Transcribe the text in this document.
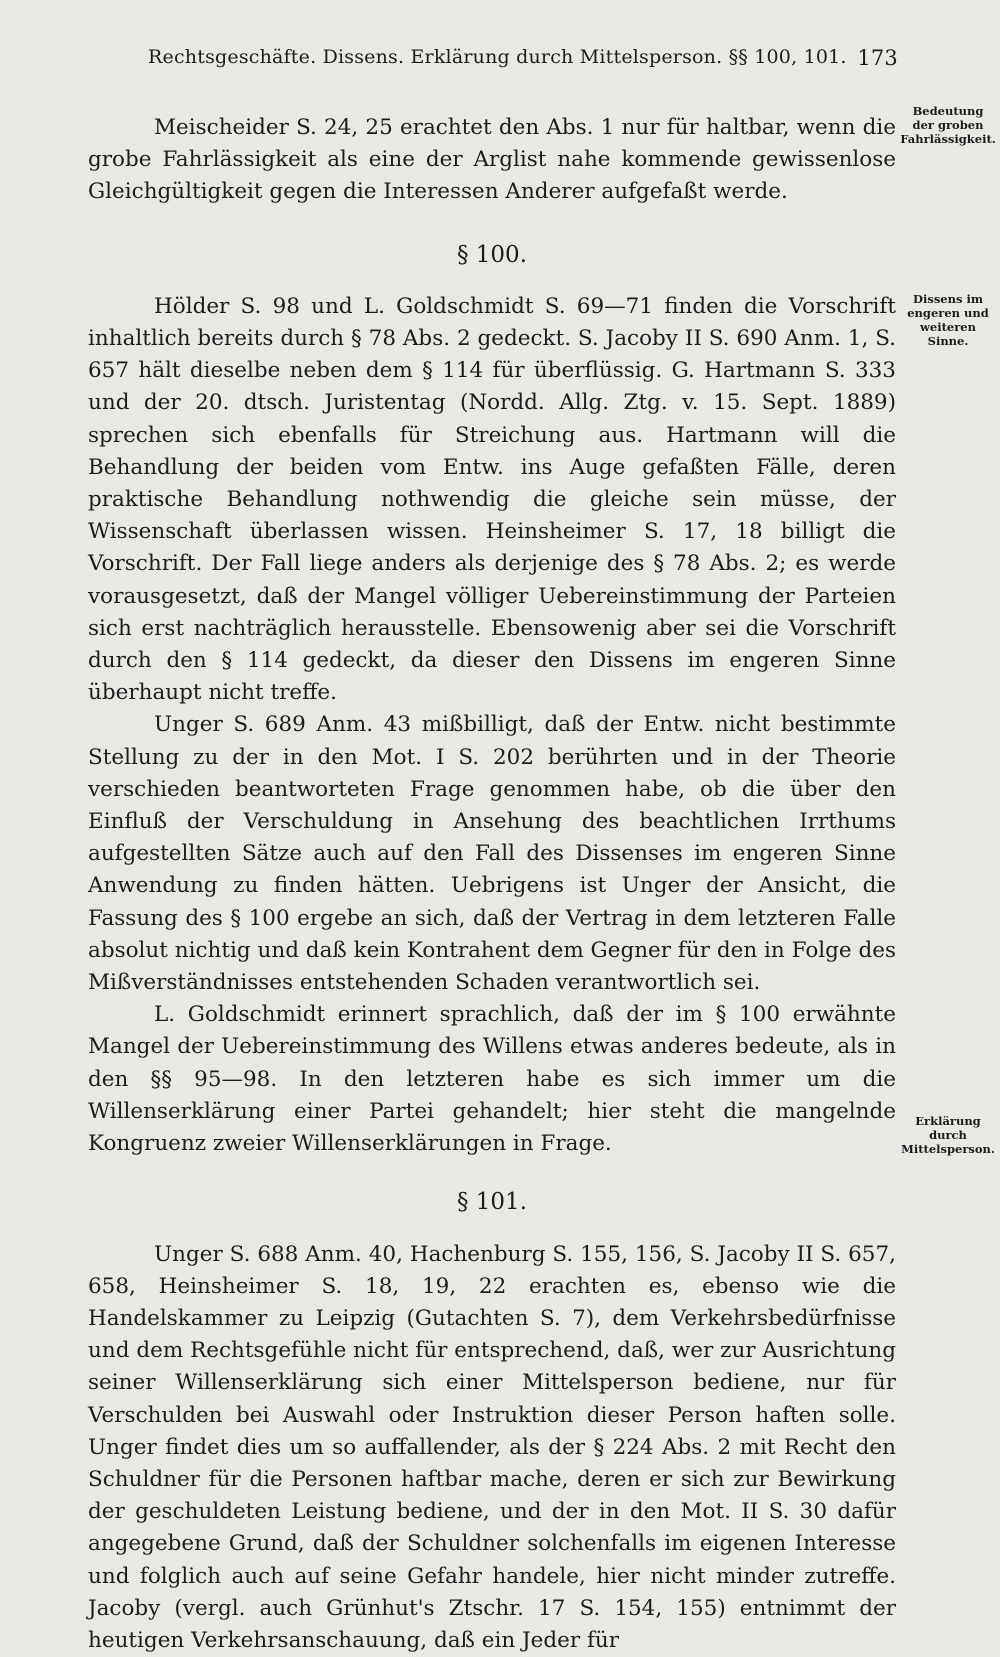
Rechtsgeschäfte. Dissens. Erklärung durch Mittelsperson. §§ 100, 101. 173

Meischeider S. 24, 25 erachtet den Abs. 1 nur für haltbar, wenn die grobe Fahrlässigkeit als eine der Arglist nahe kommende gewissenlose Gleichgültigkeit gegen die Interessen Anderer aufgefaßt werde.

§ 100.

Hölder S. 98 und L. Goldschmidt S. 69—71 finden die Vorschrift inhaltlich bereits durch § 78 Abs. 2 gedeckt. S. Jacoby II S. 690 Anm. 1, S. 657 hält dieselbe neben dem § 114 für überflüssig. G. Hartmann S. 333 und der 20. dtsch. Juristentag (Nordd. Allg. Ztg. v. 15. Sept. 1889) sprechen sich ebenfalls für Streichung aus. Hartmann will die Behandlung der beiden vom Entw. ins Auge gefaßten Fälle, deren praktische Behandlung nothwendig die gleiche sein müsse, der Wissenschaft überlassen wissen. Heinsheimer S. 17, 18 billigt die Vorschrift. Der Fall liege anders als derjenige des § 78 Abs. 2; es werde vorausgesetzt, daß der Mangel völliger Uebereinstimmung der Parteien sich erst nachträglich herausstelle. Ebensowenig aber sei die Vorschrift durch den § 114 gedeckt, da dieser den Dissens im engeren Sinne überhaupt nicht treffe.

Unger S. 689 Anm. 43 mißbilligt, daß der Entw. nicht bestimmte Stellung zu der in den Mot. I S. 202 berührten und in der Theorie verschieden beantworteten Frage genommen habe, ob die über den Einfluß der Verschuldung in Ansehung des beachtlichen Irrthums aufgestellten Sätze auch auf den Fall des Dissenses im engeren Sinne Anwendung zu finden hätten. Uebrigens ist Unger der Ansicht, die Fassung des § 100 ergebe an sich, daß der Vertrag in dem letzteren Falle absolut nichtig und daß kein Kontrahent dem Gegner für den in Folge des Mißverständnisses entstehenden Schaden verantwortlich sei.

L. Goldschmidt erinnert sprachlich, daß der im § 100 erwähnte Mangel der Uebereinstimmung des Willens etwas anderes bedeute, als in den §§ 95—98. In den letzteren habe es sich immer um die Willenserklärung einer Partei gehandelt; hier steht die mangelnde Kongruenz zweier Willenserklärungen in Frage.

§ 101.

Unger S. 688 Anm. 40, Hachenburg S. 155, 156, S. Jacoby II S. 657, 658, Heinsheimer S. 18, 19, 22 erachten es, ebenso wie die Handelskammer zu Leipzig (Gutachten S. 7), dem Verkehrsbedürfnisse und dem Rechtsgefühle nicht für entsprechend, daß, wer zur Ausrichtung seiner Willenserklärung sich einer Mittelsperson bediene, nur für Verschulden bei Auswahl oder Instruktion dieser Person haften solle. Unger findet dies um so auffallender, als der § 224 Abs. 2 mit Recht den Schuldner für die Personen haftbar mache, deren er sich zur Bewirkung der geschuldeten Leistung bediene, und der in den Mot. II S. 30 dafür angegebene Grund, daß der Schuldner solchenfalls im eigenen Interesse und folglich auch auf seine Gefahr handele, hier nicht minder zutreffe. Jacoby (vergl. auch Grünhut's Ztschr. 17 S. 154, 155) entnimmt der heutigen Verkehrsanschauung, daß ein Jeder für

Bedeutung der groben Fahrlässigkeit.
Dissens im engeren und weiteren Sinne.
Erklärung durch Mittelsperson.
